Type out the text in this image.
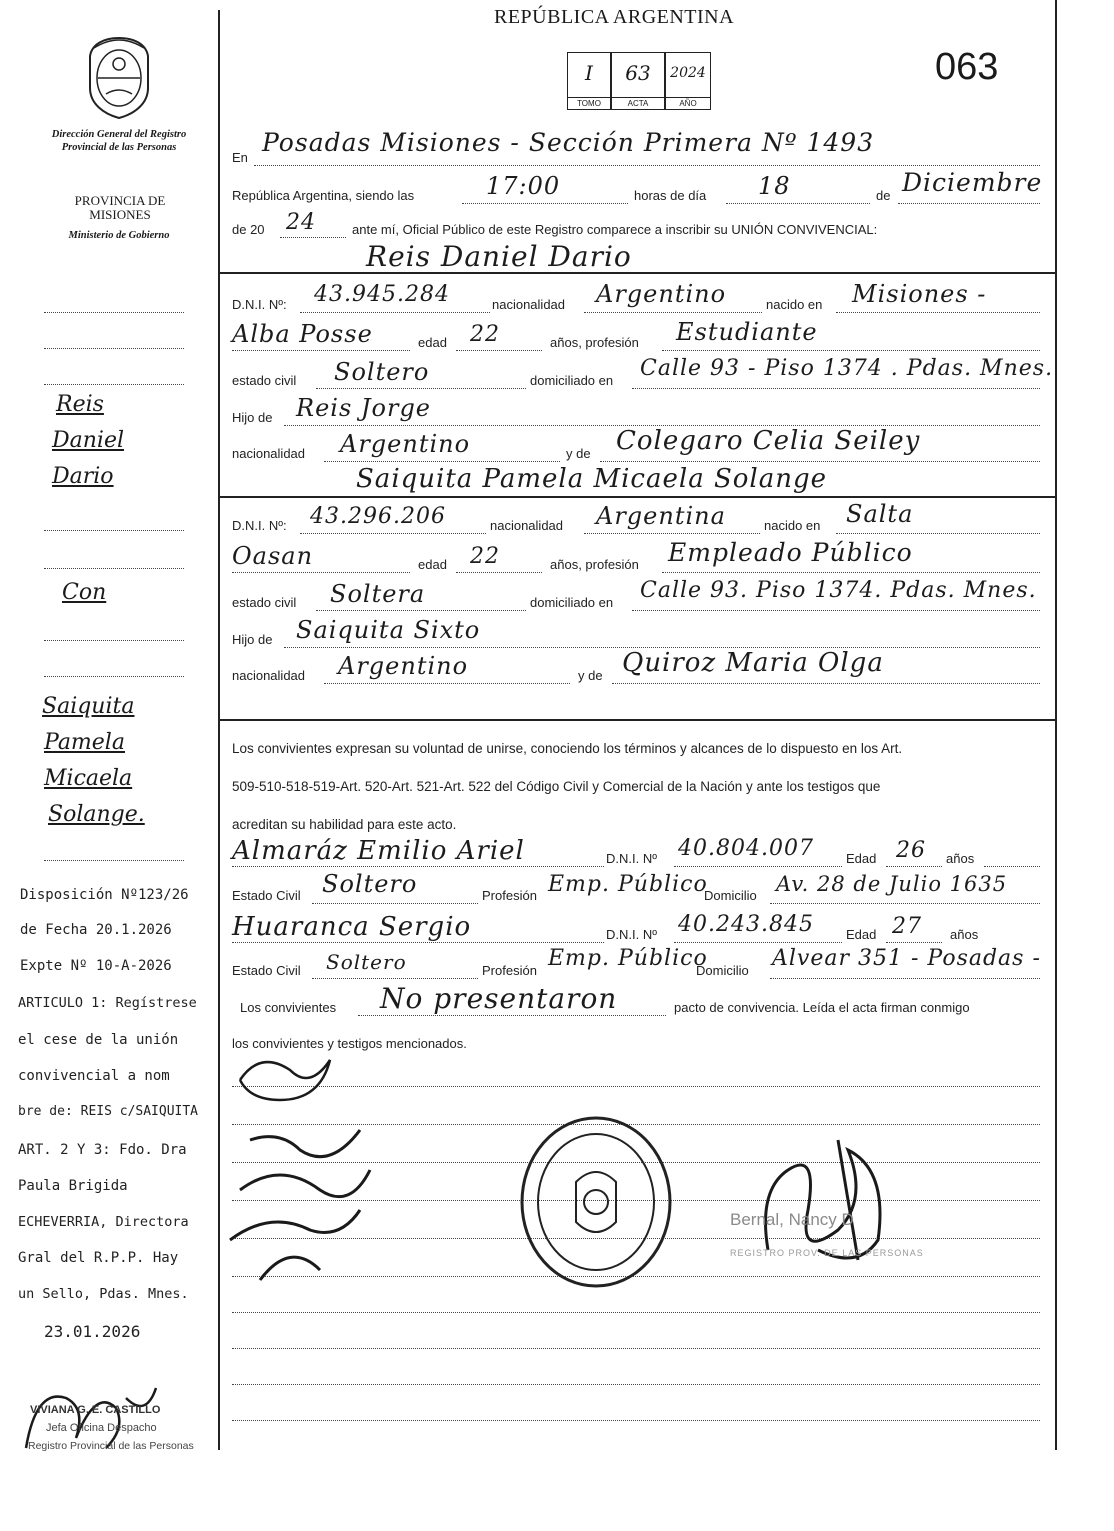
REPÚBLICA ARGENTINA
063
I
TOMO
63
ACTA
2024
AÑO
Dirección General del Registro Provincial de las Personas
PROVINCIA DE MISIONES
Ministerio de Gobierno
En
Posadas Misiones - Sección Primera Nº 1493
República Argentina, siendo las	17:00	horas de día 18	de Diciembre
de 20 24	ante mí, Oficial Público de este Registro comparece a inscribir su UNIÓN CONVIVENCIAL:
Reis Daniel Dario
D.N.I. Nº: 43.945.284	nacionalidad Argentino	nacido en Misiones -
Alba Posse	edad 22	años, profesión Estudiante
estado civil Soltero	domiciliado en Calle 93 - Piso 1374 . Pdas. Mnes.
Hijo de Reis Jorge
nacionalidad Argentino	y de Colegaro Celia Seiley
Saiquita Pamela Micaela Solange
D.N.I. Nº: 43.296.206	nacionalidad Argentina	nacido en Salta
Oasan	edad 22	años, profesión Empleado Público
estado civil Soltera	domiciliado en Calle 93. Piso 1374. Pdas. Mnes.
Hijo de Saiquita Sixto
nacionalidad Argentino	y de Quiroz Maria Olga
Los convivientes expresan su voluntad de unirse, conociendo los términos y alcances de lo dispuesto en los Art.
509-510-518-519-Art. 520-Art. 521-Art. 522 del Código Civil y Comercial de la Nación y ante los testigos que
acreditan su habilidad para este acto.
Almaráz Emilio Ariel	D.N.I. Nº 40.804.007 Edad 26 años
Estado Civil Soltero	Profesión Emp. Público
Domicilio Av. 28 de Julio 1635
Huaranca Sergio	D.N.I. Nº 40.243.845 Edad 27 años
Estado Civil Soltero	Profesión Emp. Público
Domicilio Alvear 351 - Posadas -
Los convivientes No presentaron	pacto de convivencia. Leída el acta firman conmigo
los convivientes y testigos mencionados.
Bernal, Nancy D
REGISTRO PROV. DE LAS PERSONAS
Reis
Daniel
Dario
Con
Saiquita
Pamela
Micaela
Solange.
Disposición Nº123/26
de Fecha 20.1.2026
Expte Nº 10-A-2026
ARTICULO 1: Regístrese
el cese de la unión
convivencial a nom
bre de: REIS c/SAIQUITA
ART. 2 Y 3: Fdo. Dra
Paula Brigida
ECHEVERRIA, Directora
Gral del R.P.P. Hay
un Sello, Pdas. Mnes.
23.01.2026
VIVIANA G. E. CASTILLO
Jefa Oficina Despacho
Registro Provincial de las Personas
